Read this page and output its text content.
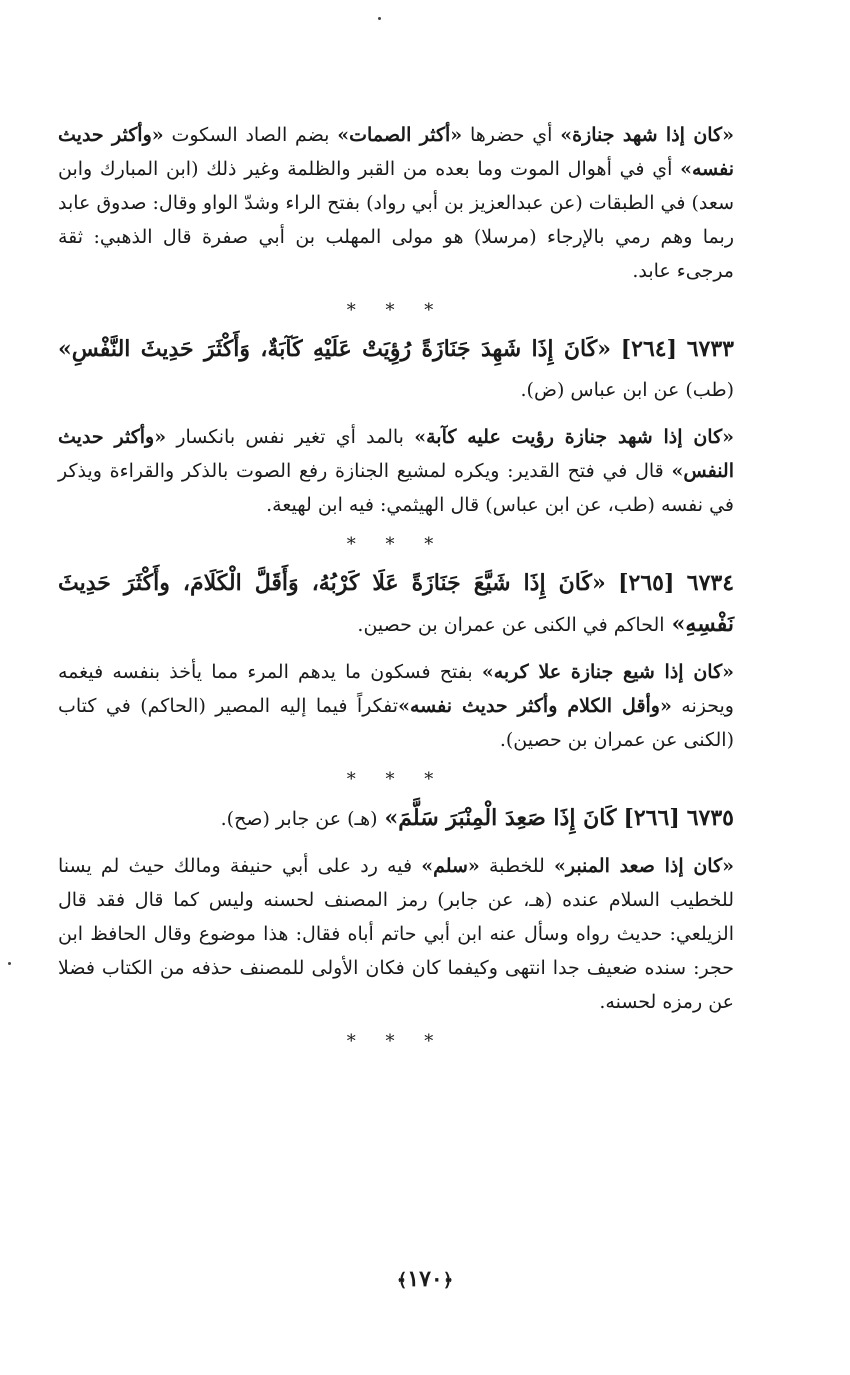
«كان إذا شهد جنازة» أي حضرها «أكثر الصمات» بضم الصاد السكوت «وأكثر حديث نفسه» أي في أهوال الموت وما بعده من القبر والظلمة وغير ذلك (ابن المبارك وابن سعد) في الطبقات (عن عبدالعزيز بن أبي رواد) بفتح الراء وشدّ الواو وقال: صدوق عابد ربما وهم رمي بالإرجاء (مرسلا) هو مولى المهلب بن أبي صفرة قال الذهبي: ثقة مرجىء عابد.

* * *

٦٧٣٣ [٢٦٤] «كَانَ إِذَا شَهِدَ جَنَازَةً رُؤِيَتْ عَلَيْهِ كَآبَةٌ، وَأَكْثَرَ حَدِيثَ النَّفْسِ» (طب) عن ابن عباس (ض).

«كان إذا شهد جنازة رؤيت عليه كآبة» بالمد أي تغير نفس بانكسار «وأكثر حديث النفس» قال في فتح القدير: ويكره لمشيع الجنازة رفع الصوت بالذكر والقراءة ويذكر في نفسه (طب، عن ابن عباس) قال الهيثمي: فيه ابن لهيعة.

* * *

٦٧٣٤ [٢٦٥] «كَانَ إِذَا شَيَّعَ جَنَازَةً عَلَا كَرْبُهُ، وَأَقَلَّ الْكَلَامَ، وأَكْثَرَ حَدِيثَ نَفْسِهِ» الحاكم في الكنى عن عمران بن حصين.

«كان إذا شيع جنازة علا كربه» بفتح فسكون ما يدهم المرء مما يأخذ بنفسه فيغمه ويحزنه «وأقل الكلام وأكثر حديث نفسه»تفكراً فيما إليه المصير (الحاكم) في كتاب (الكنى عن عمران بن حصين).

* * *

٦٧٣٥ [٢٦٦] كَانَ إِذَا صَعِدَ الْمِنْبَرَ سَلَّمَ» (هـ) عن جابر (صح).

«كان إذا صعد المنبر» للخطبة «سلم» فيه رد على أبي حنيفة ومالك حيث لم يسنا للخطيب السلام عنده (هـ، عن جابر) رمز المصنف لحسنه وليس كما قال فقد قال الزيلعي: حديث رواه وسأل عنه ابن أبي حاتم أباه فقال: هذا موضوع وقال الحافظ ابن حجر: سنده ضعيف جدا انتهى وكيفما كان فكان الأولى للمصنف حذفه من الكتاب فضلا عن رمزه لحسنه.

* * *
﴿١٧٠﴾
